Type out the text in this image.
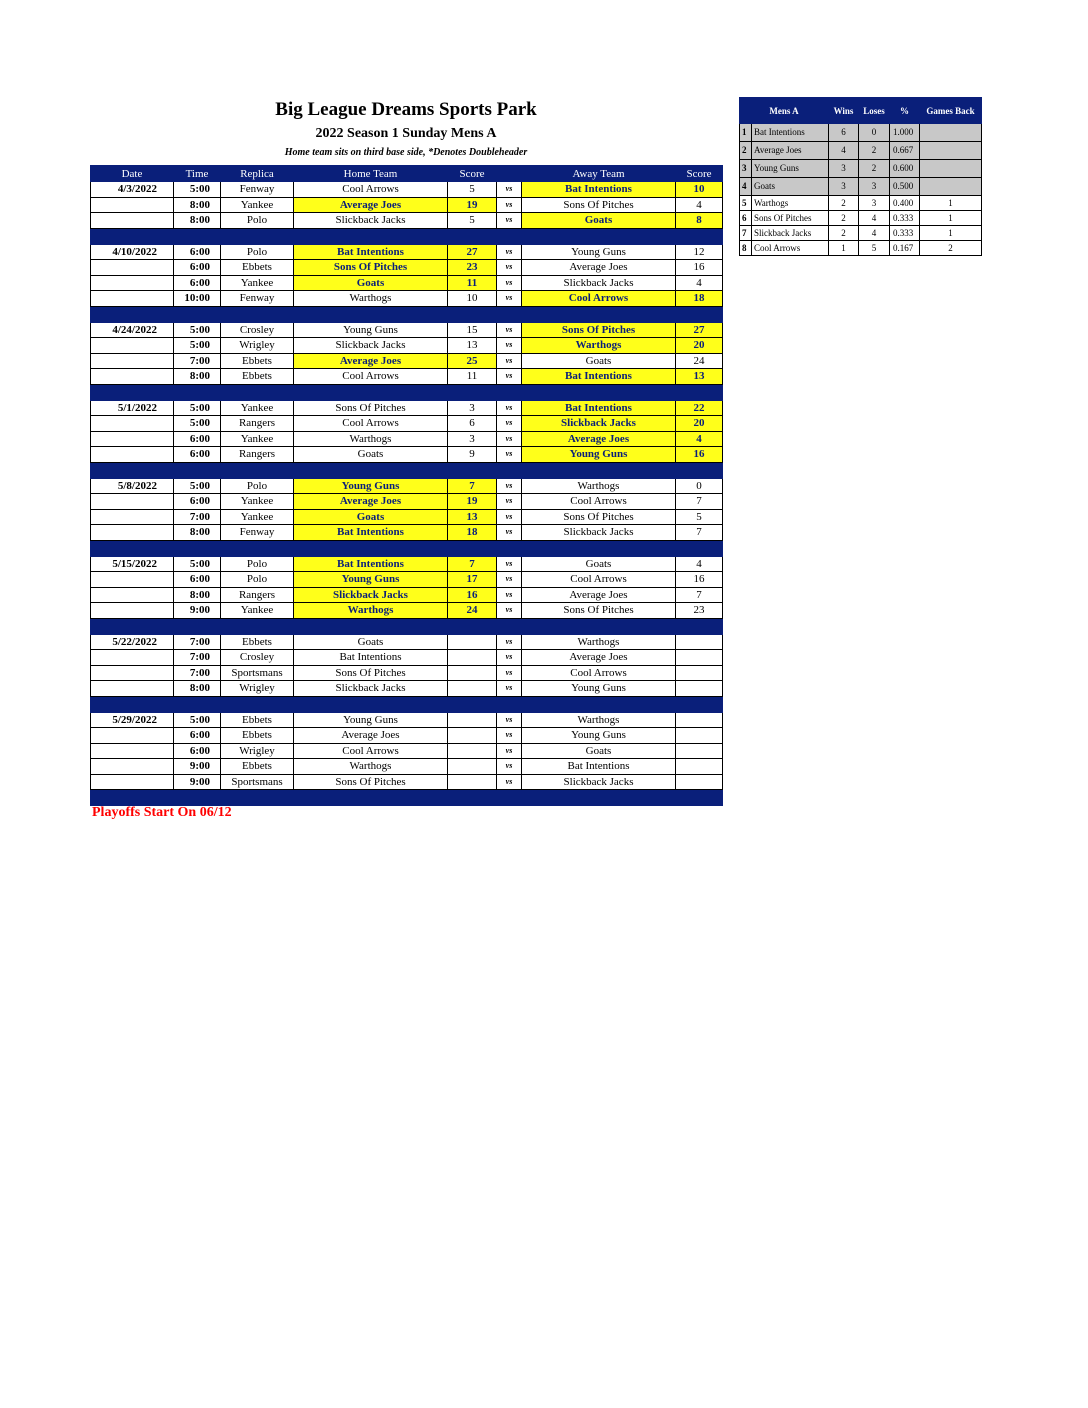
Big League Dreams Sports Park
2022 Season 1 Sunday Mens A
Home team sits on third base side, *Denotes Doubleheader
Date	Time	Replica	Home Team	Score		Away Team	Score
4/3/2022	5:00	Fenway	Cool Arrows	5	vs	Bat Intentions	10
	8:00	Yankee	Average Joes	19	vs	Sons Of Pitches	4
	8:00	Polo	Slickback Jacks	5	vs	Goats	8

4/10/2022	6:00	Polo	Bat Intentions	27	vs	Young Guns	12
	6:00	Ebbets	Sons Of Pitches	23	vs	Average Joes	16
	6:00	Yankee	Goats	11	vs	Slickback Jacks	4
	10:00	Fenway	Warthogs	10	vs	Cool Arrows	18

4/24/2022	5:00	Crosley	Young Guns	15	vs	Sons Of Pitches	27
	5:00	Wrigley	Slickback Jacks	13	vs	Warthogs	20
	7:00	Ebbets	Average Joes	25	vs	Goats	24
	8:00	Ebbets	Cool Arrows	11	vs	Bat Intentions	13

5/1/2022	5:00	Yankee	Sons Of Pitches	3	vs	Bat Intentions	22
	5:00	Rangers	Cool Arrows	6	vs	Slickback Jacks	20
	6:00	Yankee	Warthogs	3	vs	Average Joes	4
	6:00	Rangers	Goats	9	vs	Young Guns	16

5/8/2022	5:00	Polo	Young Guns	7	vs	Warthogs	0
	6:00	Yankee	Average Joes	19	vs	Cool Arrows	7
	7:00	Yankee	Goats	13	vs	Sons Of Pitches	5
	8:00	Fenway	Bat Intentions	18	vs	Slickback Jacks	7

5/15/2022	5:00	Polo	Bat Intentions	7	vs	Goats	4
	6:00	Polo	Young Guns	17	vs	Cool Arrows	16
	8:00	Rangers	Slickback Jacks	16	vs	Average Joes	7
	9:00	Yankee	Warthogs	24	vs	Sons Of Pitches	23

5/22/2022	7:00	Ebbets	Goats		vs	Warthogs	
	7:00	Crosley	Bat Intentions		vs	Average Joes	
	7:00	Sportsmans	Sons Of Pitches		vs	Cool Arrows	
	8:00	Wrigley	Slickback Jacks		vs	Young Guns	

5/29/2022	5:00	Ebbets	Young Guns		vs	Warthogs	
	6:00	Ebbets	Average Joes		vs	Young Guns	
	6:00	Wrigley	Cool Arrows		vs	Goats	
	9:00	Ebbets	Warthogs		vs	Bat Intentions	
	9:00	Sportsmans	Sons Of Pitches		vs	Slickback Jacks	

Mens A		Wins	Loses	%	Games Back
1	Bat Intentions	6	0	1.000	
2	Average Joes	4	2	0.667	
3	Young Guns	3	2	0.600	
4	Goats	3	3	0.500	
5	Warthogs	2	3	0.400	1
6	Sons Of Pitches	2	4	0.333	1
7	Slickback Jacks	2	4	0.333	1
8	Cool Arrows	1	5	0.167	2
Playoffs Start On 06/12
